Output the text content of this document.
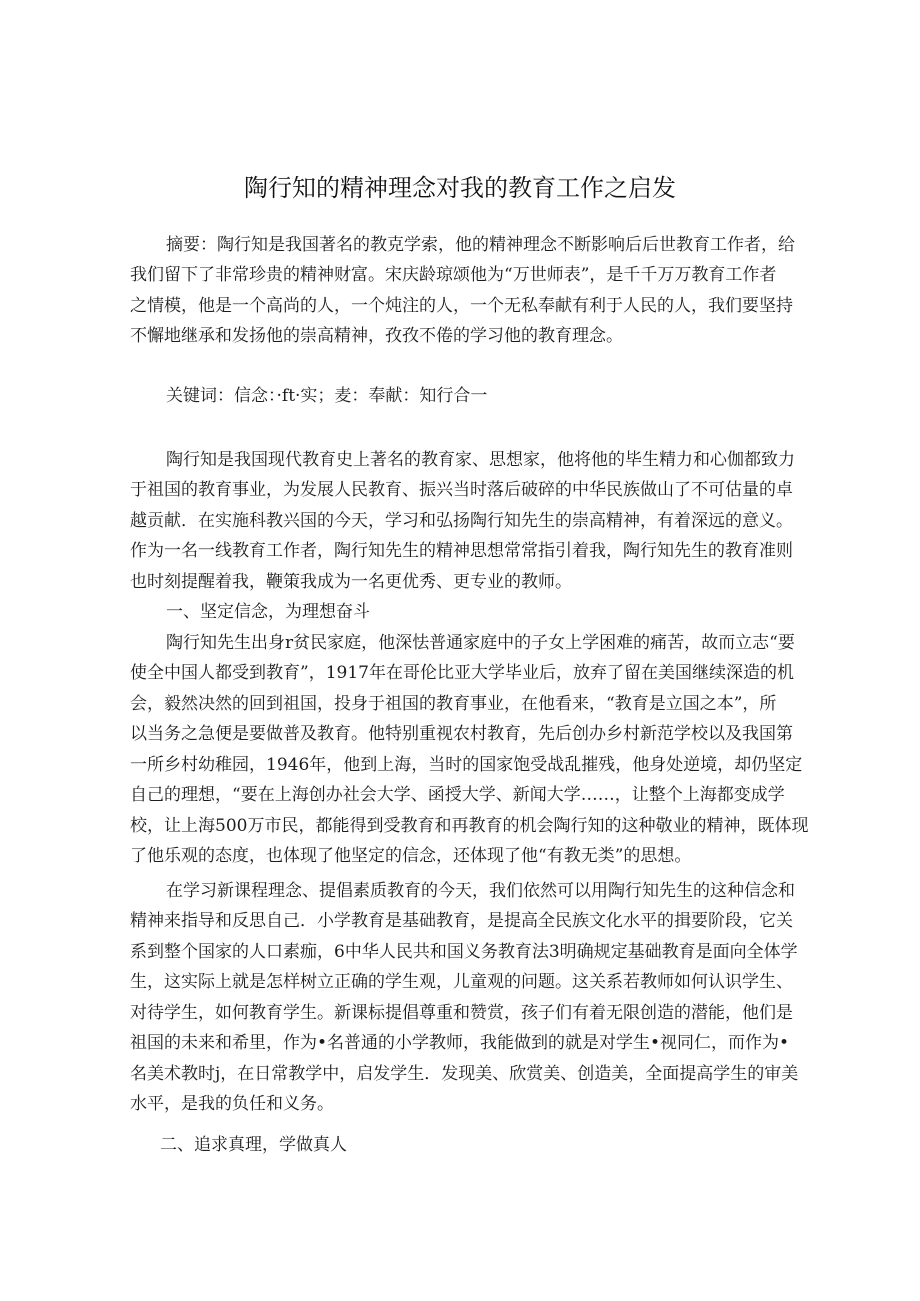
陶行知的精神理念对我的教育工作之启发
摘要：陶行知是我国著名的教克学索，他的精神理念不断影响后后世教育工作者，给
我们留下了非常珍贵的精神财富。宋庆龄琼颂他为“万世师表”，是千千万万教育工作者
之情模，他是一个高尚的人，一个炖注的人，一个无私奉献有利于人民的人，我们要坚持
不懈地继承和发扬他的崇高精神，孜孜不倦的学习他的教育理念。
关键词：信念：·ft·实；麦：奉献：知行合一
陶行知是我国现代教育史上著名的教育家、思想家，他将他的毕生精力和心伽都致力
于祖国的教育事业，为发展人民教育、振兴当时落后破碎的中华民族做山了不可估量的卓
越贡献．在实施科教兴国的今天，学习和弘扬陶行知先生的崇高精神，有着深远的意义。
作为一名一线教育工作者，陶行知先生的精神思想常常指引着我，陶行知先生的教育准则
也时刻提醒着我，鞭策我成为一名更优秀、更专业的教师。
一、坚定信念，为理想奋斗
陶行知先生出身r贫民家庭，他深怯普通家庭中的子女上学困难的痛苦，故而立志“要
使全中国人都受到教育”，1917年在哥伦比亚大学毕业后，放弃了留在美国继续深造的机
会，毅然决然的回到祖国，投身于祖国的教育事业，在他看来，“教育是立国之本”，所
以当务之急便是要做普及教育。他特别重视农村教育，先后创办乡村新范学校以及我国第
一所乡村幼稚园，1946年，他到上海，当时的国家饱受战乱摧残，他身处逆境，却仍坚定
自己的理想，“要在上海创办社会大学、函授大学、新闻大学……，让整个上海都变成学
校，让上海500万市民，都能得到受教育和再教育的机会陶行知的这种敬业的精神，既体现
了他乐观的态度，也体现了他坚定的信念，还体现了他“有教无类”的思想。
在学习新课程理念、提倡素质教育的今天，我们依然可以用陶行知先生的这种信念和
精神来指导和反思自己．小学教育是基础教育，是提高全民族文化水平的揖要阶段，它关
系到整个国家的人口素痂，6中华人民共和国义务教育法3明确规定基础教育是面向全体学
生，这实际上就是怎样树立正确的学生观，儿童观的问题。这关系若教师如何认识学生、
对待学生，如何教育学生。新课标提倡尊重和赞赏，孩子们有着无限创造的潜能，他们是
祖国的未来和希里，作为•名普通的小学教师，我能做到的就是对学生•视同仁，而作为•
名美术教时j，在日常教学中，启发学生．发现美、欣赏美、创造美，全面提高学生的审美
水平，是我的负任和义务。
二、追求真理，学做真人
